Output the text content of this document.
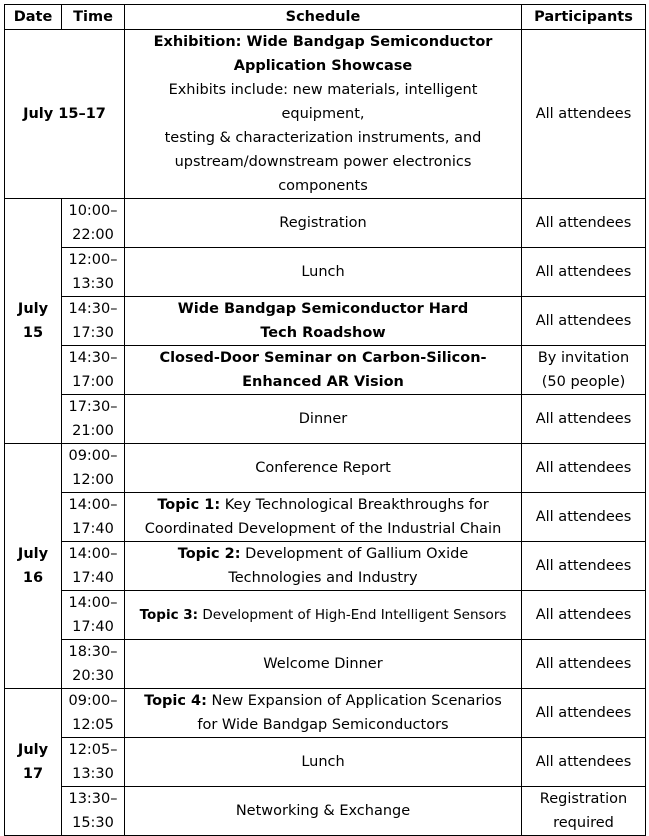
Date	Time	Schedule	Participants
July 15–17		Exhibition: Wide Bandgap Semiconductor
Application Showcase
Exhibits include: new materials, intelligent equipment,
testing & characterization instruments, and
upstream/downstream power electronics components	All attendees

July
15	10:00–
22:00	Registration	All attendees

	12:00–
13:30	Lunch	All attendees

	14:30–
17:30	Wide Bandgap Semiconductor Hard Tech Roadshow	All attendees

	14:30–
17:00	Closed-Door Seminar on Carbon-Silicon-Enhanced AR Vision	By invitation
(50 people)

	17:30–
21:00	Dinner	All attendees

July
16	09:00–
12:00	Conference Report	All attendees

	14:00–
17:40	Topic 1: Key Technological Breakthroughs for Coordinated Development of the Industrial Chain	All attendees

	14:00–
17:40	Topic 2: Development of Gallium Oxide Technologies and Industry	All attendees

	14:00–
17:40	Topic 3: Development of High-End Intelligent Sensors	All attendees

	18:30–
20:30	Welcome Dinner	All attendees

July
17	09:00–
12:05	Topic 4: New Expansion of Application Scenarios for Wide Bandgap Semiconductors	All attendees

	12:05–
13:30	Lunch	All attendees

	13:30–
15:30	Networking & Exchange	Registration
required
